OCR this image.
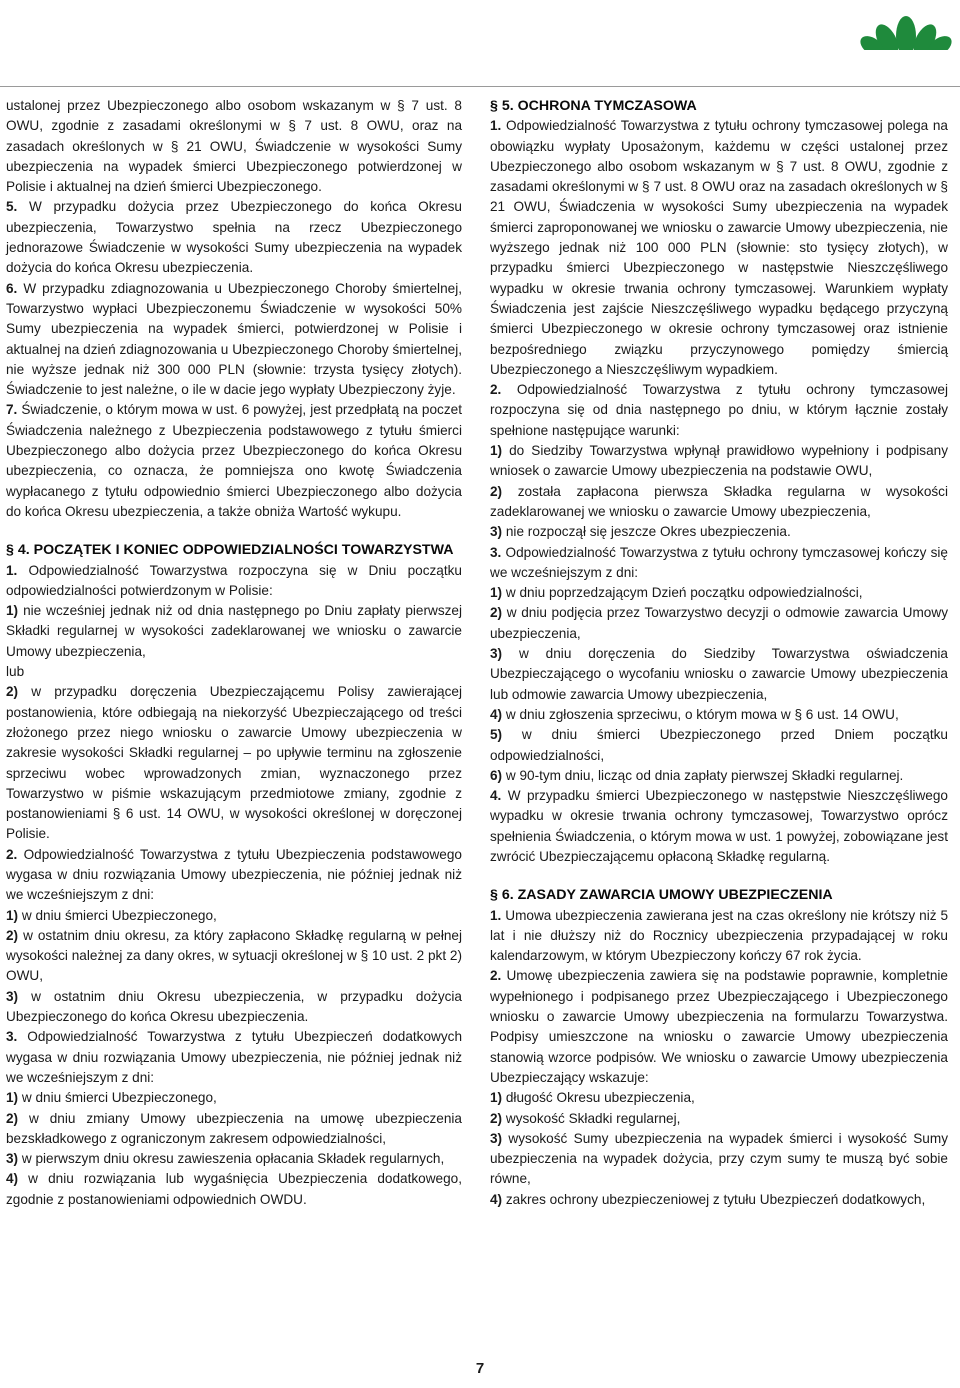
ustalonej przez Ubezpieczonego albo osobom wskazanym w § 7 ust. 8 OWU, zgodnie z zasadami określonymi w § 7 ust. 8 OWU, oraz na zasadach określonych w § 21 OWU, Świadczenie w wysokości Sumy ubezpieczenia na wypadek śmierci Ubezpieczonego potwierdzonej w Polisie i aktualnej na dzień śmierci Ubezpieczonego.

5. W przypadku dożycia przez Ubezpieczonego do końca Okresu ubezpieczenia, Towarzystwo spełnia na rzecz Ubezpieczonego jednorazowe Świadczenie w wysokości Sumy ubezpieczenia na wypadek dożycia do końca Okresu ubezpieczenia.

6. W przypadku zdiagnozowania u Ubezpieczonego Choroby śmiertelnej, Towarzystwo wypłaci Ubezpieczonemu Świadczenie w wysokości 50% Sumy ubezpieczenia na wypadek śmierci, potwierdzonej w Polisie i aktualnej na dzień zdiagnozowania u Ubezpieczonego Choroby śmiertelnej, nie wyższe jednak niż 300 000 PLN (słownie: trzysta tysięcy złotych). Świadczenie to jest należne, o ile w dacie jego wypłaty Ubezpieczony żyje.

7. Świadczenie, o którym mowa w ust. 6 powyżej, jest przedpłatą na poczet Świadczenia należnego z Ubezpieczenia podstawowego z tytułu śmierci Ubezpieczonego albo dożycia przez Ubezpieczonego do końca Okresu ubezpieczenia, co oznacza, że pomniejsza ono kwotę Świadczenia wypłacanego z tytułu odpowiednio śmierci Ubezpieczonego albo dożycia do końca Okresu ubezpieczenia, a także obniża Wartość wykupu.

§ 4. POCZĄTEK I KONIEC ODPOWIEDZIALNOŚCI TOWARZYSTWA

1. Odpowiedzialność Towarzystwa rozpoczyna się w Dniu początku odpowiedzialności potwierdzonym w Polisie:

1) nie wcześniej jednak niż od dnia następnego po Dniu zapłaty pierwszej Składki regularnej w wysokości zadeklarowanej we wniosku o zawarcie Umowy ubezpieczenia,

lub

2) w przypadku doręczenia Ubezpieczającemu Polisy zawierającej postanowienia, które odbiegają na niekorzyść Ubezpieczającego od treści złożonego przez niego wniosku o zawarcie Umowy ubezpieczenia w zakresie wysokości Składki regularnej – po upływie terminu na zgłoszenie sprzeciwu wobec wprowadzonych zmian, wyznaczonego przez Towarzystwo w piśmie wskazującym przedmiotowe zmiany, zgodnie z postanowieniami § 6 ust. 14 OWU, w wysokości określonej w doręczonej Polisie.

2. Odpowiedzialność Towarzystwa z tytułu Ubezpieczenia podstawowego wygasa w dniu rozwiązania Umowy ubezpieczenia, nie później jednak niż we wcześniejszym z dni:

1) w dniu śmierci Ubezpieczonego,

2) w ostatnim dniu okresu, za który zapłacono Składkę regularną w pełnej wysokości należnej za dany okres, w sytuacji określonej w § 10 ust. 2 pkt 2) OWU,

3) w ostatnim dniu Okresu ubezpieczenia, w przypadku dożycia Ubezpieczonego do końca Okresu ubezpieczenia.

3. Odpowiedzialność Towarzystwa z tytułu Ubezpieczeń dodatkowych wygasa w dniu rozwiązania Umowy ubezpieczenia, nie później jednak niż we wcześniejszym z dni:

1) w dniu śmierci Ubezpieczonego,

2) w dniu zmiany Umowy ubezpieczenia na umowę ubezpieczenia bezskładkowego z ograniczonym zakresem odpowiedzialności,

3) w pierwszym dniu okresu zawieszenia opłacania Składek regularnych,

4) w dniu rozwiązania lub wygaśnięcia Ubezpieczenia dodatkowego, zgodnie z postanowieniami odpowiednich OWDU.

§ 5. OCHRONA TYMCZASOWA

1. Odpowiedzialność Towarzystwa z tytułu ochrony tymczasowej polega na obowiązku wypłaty Uposażonym, każdemu w części ustalonej przez Ubezpieczonego albo osobom wskazanym w § 7 ust. 8 OWU, zgodnie z zasadami określonymi w § 7 ust. 8 OWU oraz na zasadach określonych w § 21 OWU, Świadczenia w wysokości Sumy ubezpieczenia na wypadek śmierci zaproponowanej we wniosku o zawarcie Umowy ubezpieczenia, nie wyższego jednak niż 100 000 PLN (słownie: sto tysięcy złotych), w przypadku śmierci Ubezpieczonego w następstwie Nieszczęśliwego wypadku w okresie trwania ochrony tymczasowej. Warunkiem wypłaty Świadczenia jest zajście Nieszczęśliwego wypadku będącego przyczyną śmierci Ubezpieczonego w okresie ochrony tymczasowej oraz istnienie bezpośredniego związku przyczynowego pomiędzy śmiercią Ubezpieczonego a Nieszczęśliwym wypadkiem.

2. Odpowiedzialność Towarzystwa z tytułu ochrony tymczasowej rozpoczyna się od dnia następnego po dniu, w którym łącznie zostały spełnione następujące warunki:

1) do Siedziby Towarzystwa wpłynął prawidłowo wypełniony i podpisany wniosek o zawarcie Umowy ubezpieczenia na podstawie OWU,

2) została zapłacona pierwsza Składka regularna w wysokości zadeklarowanej we wniosku o zawarcie Umowy ubezpieczenia,

3) nie rozpoczął się jeszcze Okres ubezpieczenia.

3. Odpowiedzialność Towarzystwa z tytułu ochrony tymczasowej kończy się we wcześniejszym z dni:

1) w dniu poprzedzającym Dzień początku odpowiedzialności,

2) w dniu podjęcia przez Towarzystwo decyzji o odmowie zawarcia Umowy ubezpieczenia,

3) w dniu doręczenia do Siedziby Towarzystwa oświadczenia Ubezpieczającego o wycofaniu wniosku o zawarcie Umowy ubezpieczenia lub odmowie zawarcia Umowy ubezpieczenia,

4) w dniu zgłoszenia sprzeciwu, o którym mowa w § 6 ust. 14 OWU,

5) w dniu śmierci Ubezpieczonego przed Dniem początku odpowiedzialności,

6) w 90-tym dniu, licząc od dnia zapłaty pierwszej Składki regularnej.

4. W przypadku śmierci Ubezpieczonego w następstwie Nieszczęśliwego wypadku w okresie trwania ochrony tymczasowej, Towarzystwo oprócz spełnienia Świadczenia, o którym mowa w ust. 1 powyżej, zobowiązane jest zwrócić Ubezpieczającemu opłaconą Składkę regularną.

§ 6. ZASADY ZAWARCIA UMOWY UBEZPIECZENIA

1. Umowa ubezpieczenia zawierana jest na czas określony nie krótszy niż 5 lat i nie dłuższy niż do Rocznicy ubezpieczenia przypadającej w roku kalendarzowym, w którym Ubezpieczony kończy 67 rok życia.

2. Umowę ubezpieczenia zawiera się na podstawie poprawnie, kompletnie wypełnionego i podpisanego przez Ubezpieczającego i Ubezpieczonego wniosku o zawarcie Umowy ubezpieczenia na formularzu Towarzystwa. Podpisy umieszczone na wniosku o zawarcie Umowy ubezpieczenia stanowią wzorce podpisów. We wniosku o zawarcie Umowy ubezpieczenia Ubezpieczający wskazuje:

1) długość Okresu ubezpieczenia,

2) wysokość Składki regularnej,

3) wysokość Sumy ubezpieczenia na wypadek śmierci i wysokość Sumy ubezpieczenia na wypadek dożycia, przy czym sumy te muszą być sobie równe,

4) zakres ochrony ubezpieczeniowej z tytułu Ubezpieczeń dodatkowych,

7
